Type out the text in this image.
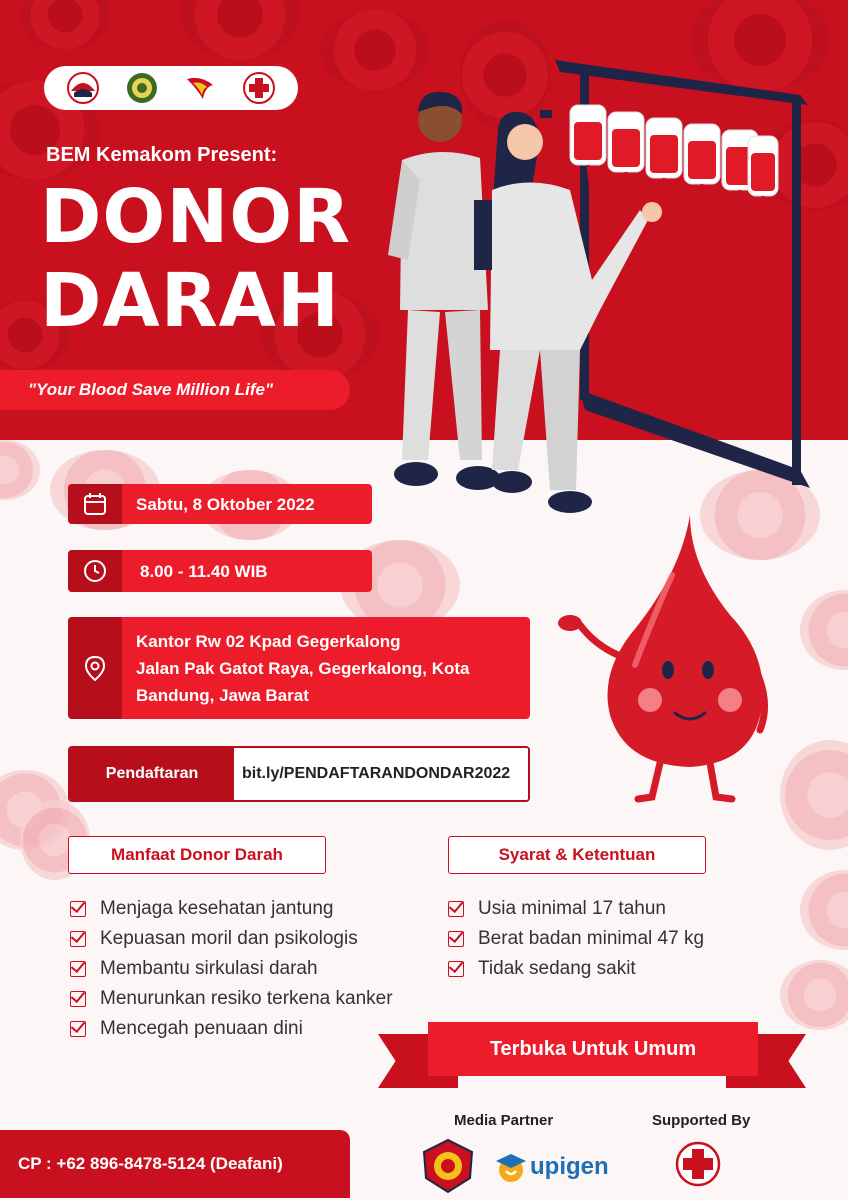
BEM Kemakom Present:
DONOR
DARAH
"Your Blood Save Million Life"
Sabtu, 8 Oktober 2022
8.00 - 11.40 WIB
Kantor Rw 02 Kpad Gegerkalong
Jalan Pak Gatot Raya, Gegerkalong, Kota
Bandung, Jawa Barat
Pendaftaran	bit.ly/PENDAFTARANDONDAR2022
Manfaat Donor Darah
Menjaga kesehatan jantung
Kepuasan moril dan psikologis
Membantu sirkulasi darah
Menurunkan resiko terkena kanker
Mencegah penuaan dini
Syarat & Ketentuan
Usia minimal 17 tahun
Berat badan minimal 47 kg
Tidak sedang sakit
Terbuka Untuk Umum
Media Partner	Supported By
upigen
CP : +62 896-8478-5124 (Deafani)
